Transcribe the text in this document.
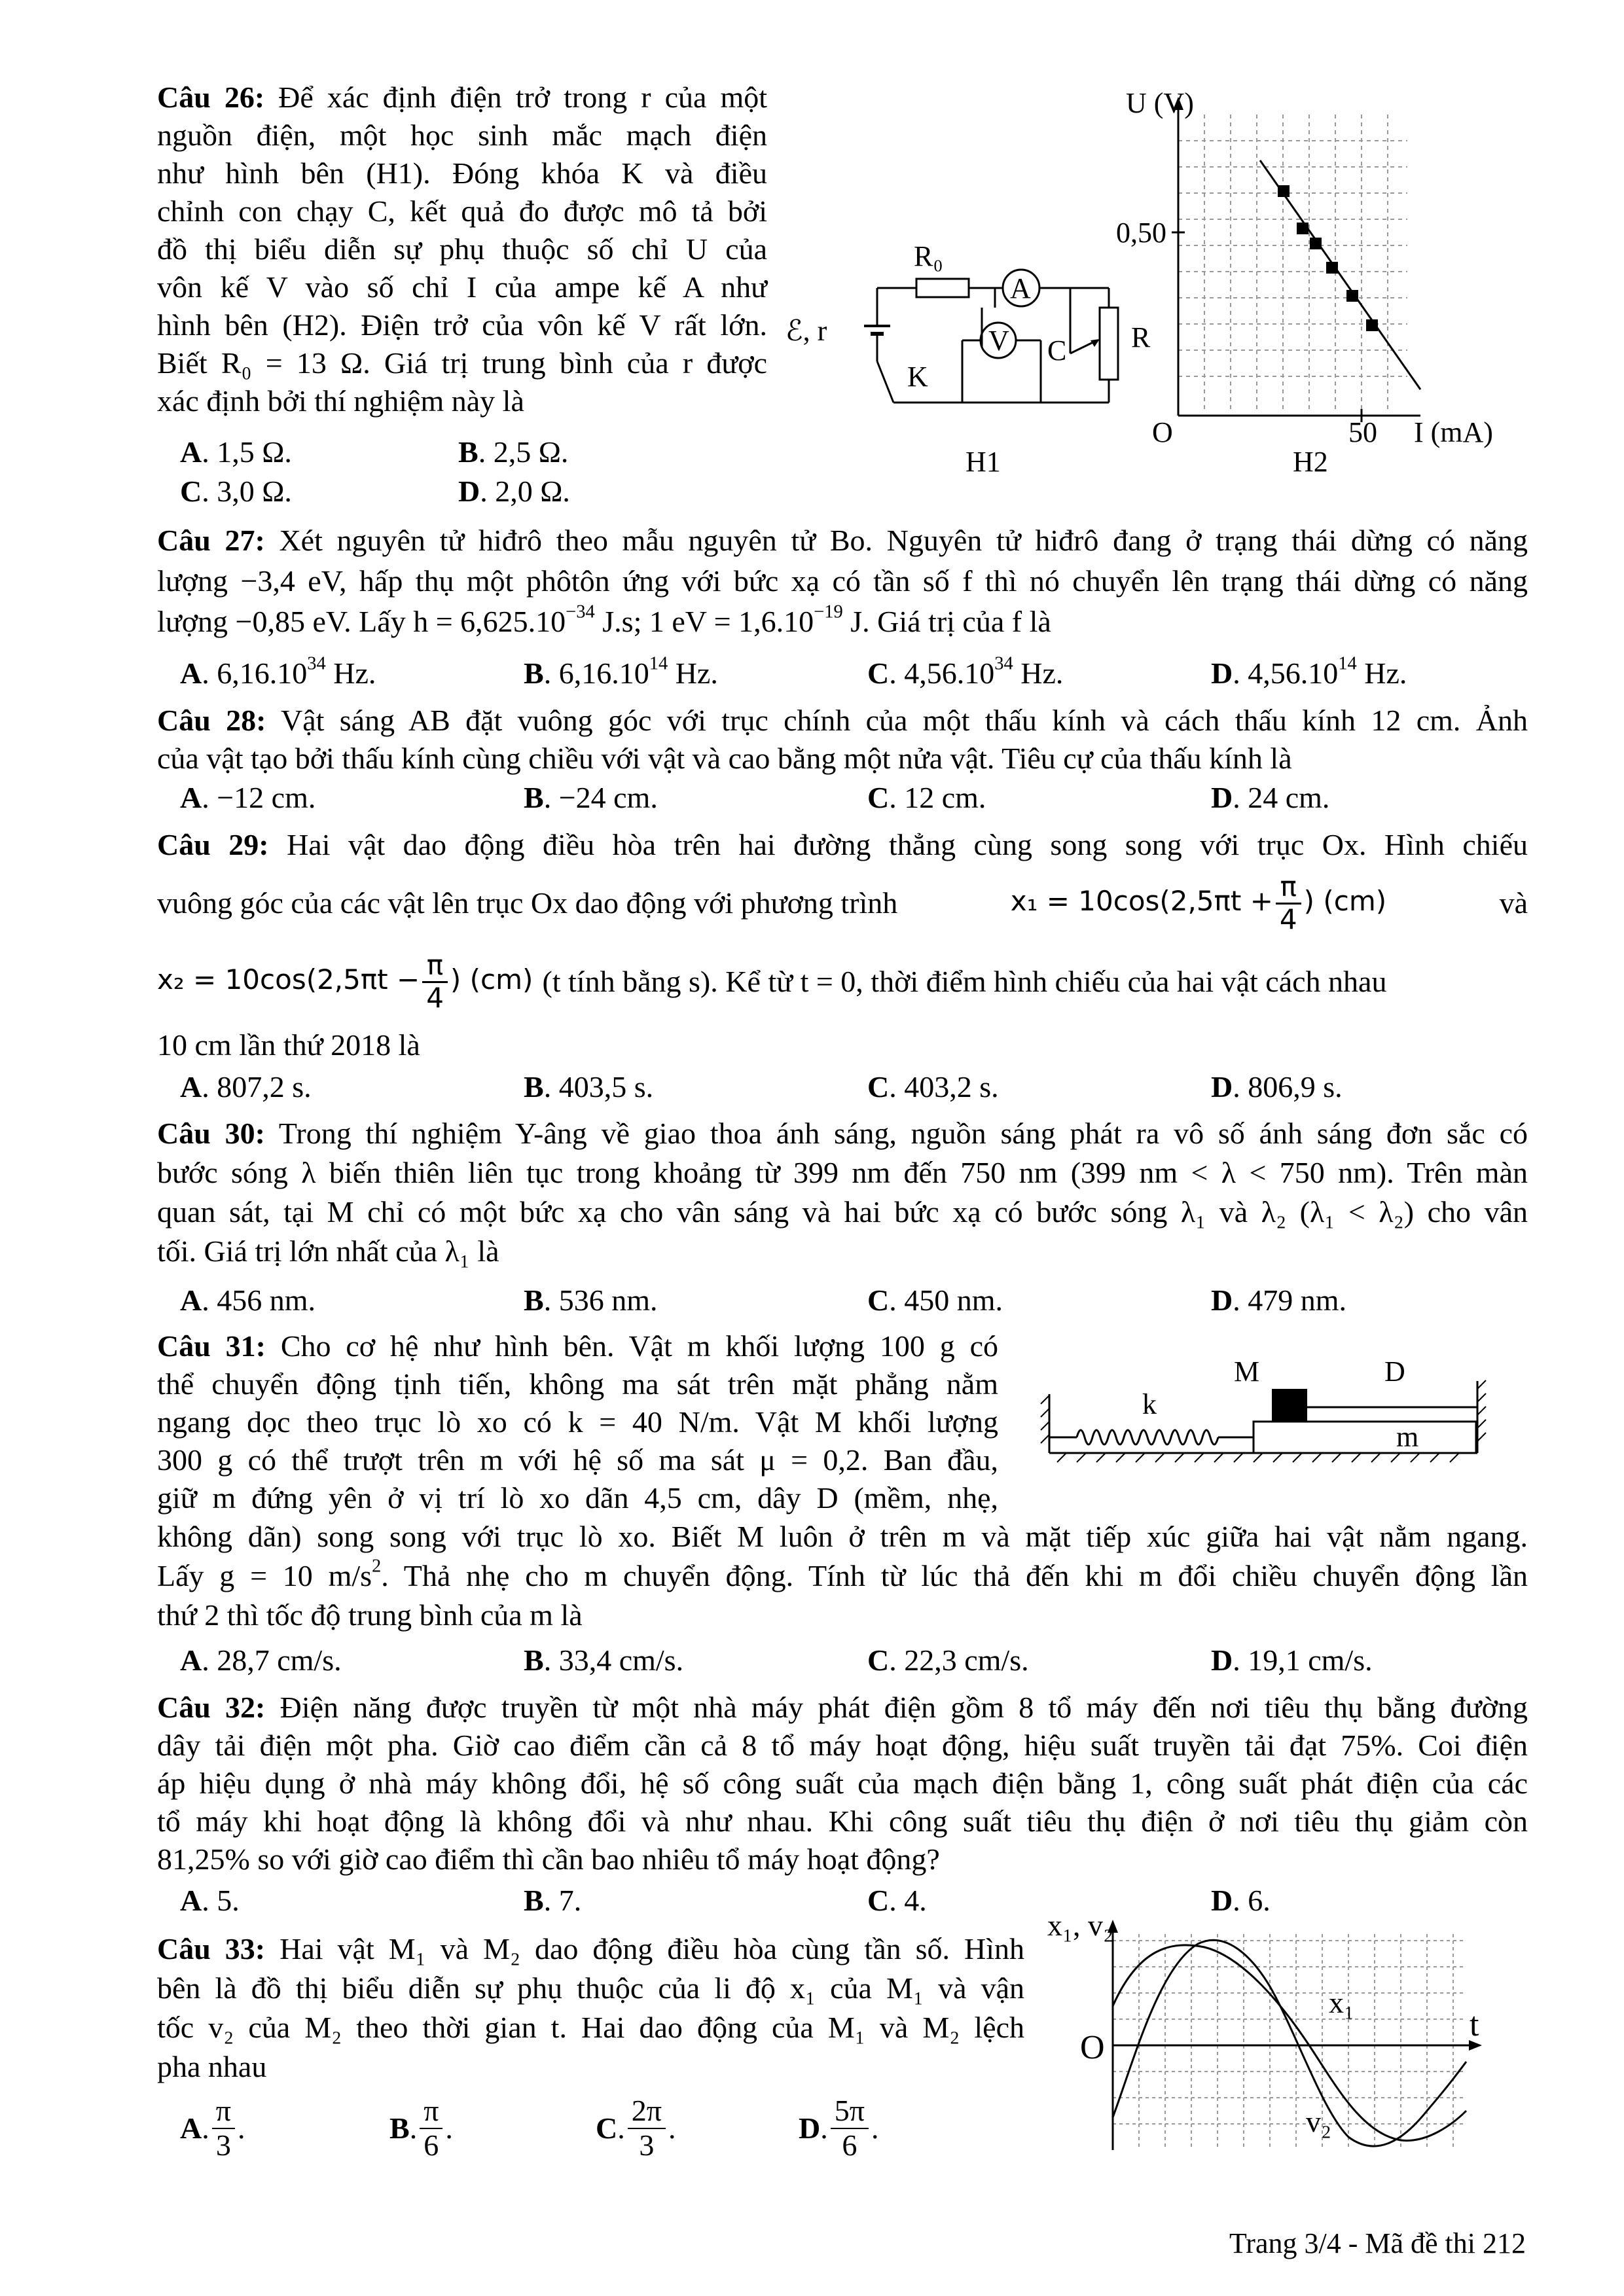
Câu 26: Để xác định điện trở trong r của một
nguồn điện, một học sinh mắc mạch điện
như hình bên (H1). Đóng khóa K và điều
chỉnh con chạy C, kết quả đo được mô tả bởi
đồ thị biểu diễn sự phụ thuộc số chỉ U của
vôn kế V vào số chỉ I của ampe kế A như
hình bên (H2). Điện trở của vôn kế V rất lớn.
Biết R₀ = 13 Ω. Giá trị trung bình của r được
xác định bởi thí nghiệm này là
A. 1,5 Ω.	B. 2,5 Ω.
C. 3,0 Ω.	D. 2,0 Ω.
R₀
A
V
ℰ, r
K
C R
H1
U (V)
0,50
O	50 I (mA)
H2
Câu 27: Xét nguyên tử hiđrô theo mẫu nguyên tử Bo. Nguyên tử hiđrô đang ở trạng thái dừng có năng
lượng −3,4 eV, hấp thụ một phôtôn ứng với bức xạ có tần số f thì nó chuyển lên trạng thái dừng có năng
lượng −0,85 eV. Lấy $h = 6,625.10^{-34}$ J.s; 1 eV = $1,6.10^{-19}$ J. Giá trị của f là
A. 6,16.10$^{34}$ Hz.	B. 6,16.10$^{14}$ Hz.	C. 4,56.10$^{34}$ Hz.	D. 4,56.10$^{14}$ Hz.
Câu 28: Vật sáng AB đặt vuông góc với trục chính của một thấu kính và cách thấu kính 12 cm. Ảnh
của vật tạo bởi thấu kính cùng chiều với vật và cao bằng một nửa vật. Tiêu cự của thấu kính là
A. −12 cm.	B. −24 cm.	C. 12 cm.	D. 24 cm.
Câu 29: Hai vật dao động điều hòa trên hai đường thẳng cùng song song với trục Ox. Hình chiếu
vuông góc của các vật lên trục Ox dao động với phương trình	$x_1 = 10\cos(2,5\pi t + \frac{\pi}{4}$ ) (cm)	và
$x_2 = 10\cos(2,5\pi t - \frac{\pi}{4}$ ) (cm) (t tính bằng s). Kể từ t = 0, thời điểm hình chiếu của hai vật cách nhau
10 cm lần thứ 2018 là
A. 807,2 s.	B. 403,5 s.	C. 403,2 s.	D. 806,9 s.
Câu 30: Trong thí nghiệm Y-âng về giao thoa ánh sáng, nguồn sáng phát ra vô số ánh sáng đơn sắc có
bước sóng λ biến thiên liên tục trong khoảng từ 399 nm đến 750 nm (399 nm < λ < 750 nm). Trên màn
quan sát, tại M chỉ có một bức xạ cho vân sáng và hai bức xạ có bước sóng λ₁ và λ₂ (λ₁ < λ₂) cho vân
tối. Giá trị lớn nhất của λ₁ là
A. 456 nm.	B. 536 nm.	C. 450 nm.	D. 479 nm.
Câu 31: Cho cơ hệ như hình bên. Vật m khối lượng 100 g có
thể chuyển động tịnh tiến, không ma sát trên mặt phẳng nằm
ngang dọc theo trục lò xo có k = 40 N/m. Vật M khối lượng
300 g có thể trượt trên m với hệ số ma sát μ = 0,2. Ban đầu,
giữ m đứng yên ở vị trí lò xo dãn 4,5 cm, dây D (mềm, nhẹ,
không dãn) song song với trục lò xo. Biết M luôn ở trên m và mặt tiếp xúc giữa hai vật nằm ngang.
Lấy g = 10 $m/s^2$. Thả nhẹ cho m chuyển động. Tính từ lúc thả đến khi m đổi chiều chuyển động lần
thứ 2 thì tốc độ trung bình của m là
M	D
k
m
A. 28,7 cm/s.	B. 33,4 cm/s.	C. 22,3 cm/s.	D. 19,1 cm/s.
Câu 32: Điện năng được truyền từ một nhà máy phát điện gồm 8 tổ máy đến nơi tiêu thụ bằng đường
dây tải điện một pha. Giờ cao điểm cần cả 8 tổ máy hoạt động, hiệu suất truyền tải đạt 75%. Coi điện
áp hiệu dụng ở nhà máy không đổi, hệ số công suất của mạch điện bằng 1, công suất phát điện của các
tổ máy khi hoạt động là không đổi và như nhau. Khi công suất tiêu thụ điện ở nơi tiêu thụ giảm còn
81,25% so với giờ cao điểm thì cần bao nhiêu tổ máy hoạt động?
A. 5.	B. 7.	C. 4.	D. 6.
Câu 33: Hai vật M₁ và M₂ dao động điều hòa cùng tần số. Hình
bên là đồ thị biểu diễn sự phụ thuộc của li độ x₁ của M₁ và vận
tốc v₂ của M₂ theo thời gian t. Hai dao động của M₁ và M₂ lệch
pha nhau
A . $\frac{\pi}{3}$ .	B . $\frac{\pi}{6}$ .	C . $\frac{2\pi}{3}$ .	D . $\frac{5\pi}{6}$ .
x₁, v₂
x₁
v₂
O
t
Trang 3/4 - Mã đề thi 212
